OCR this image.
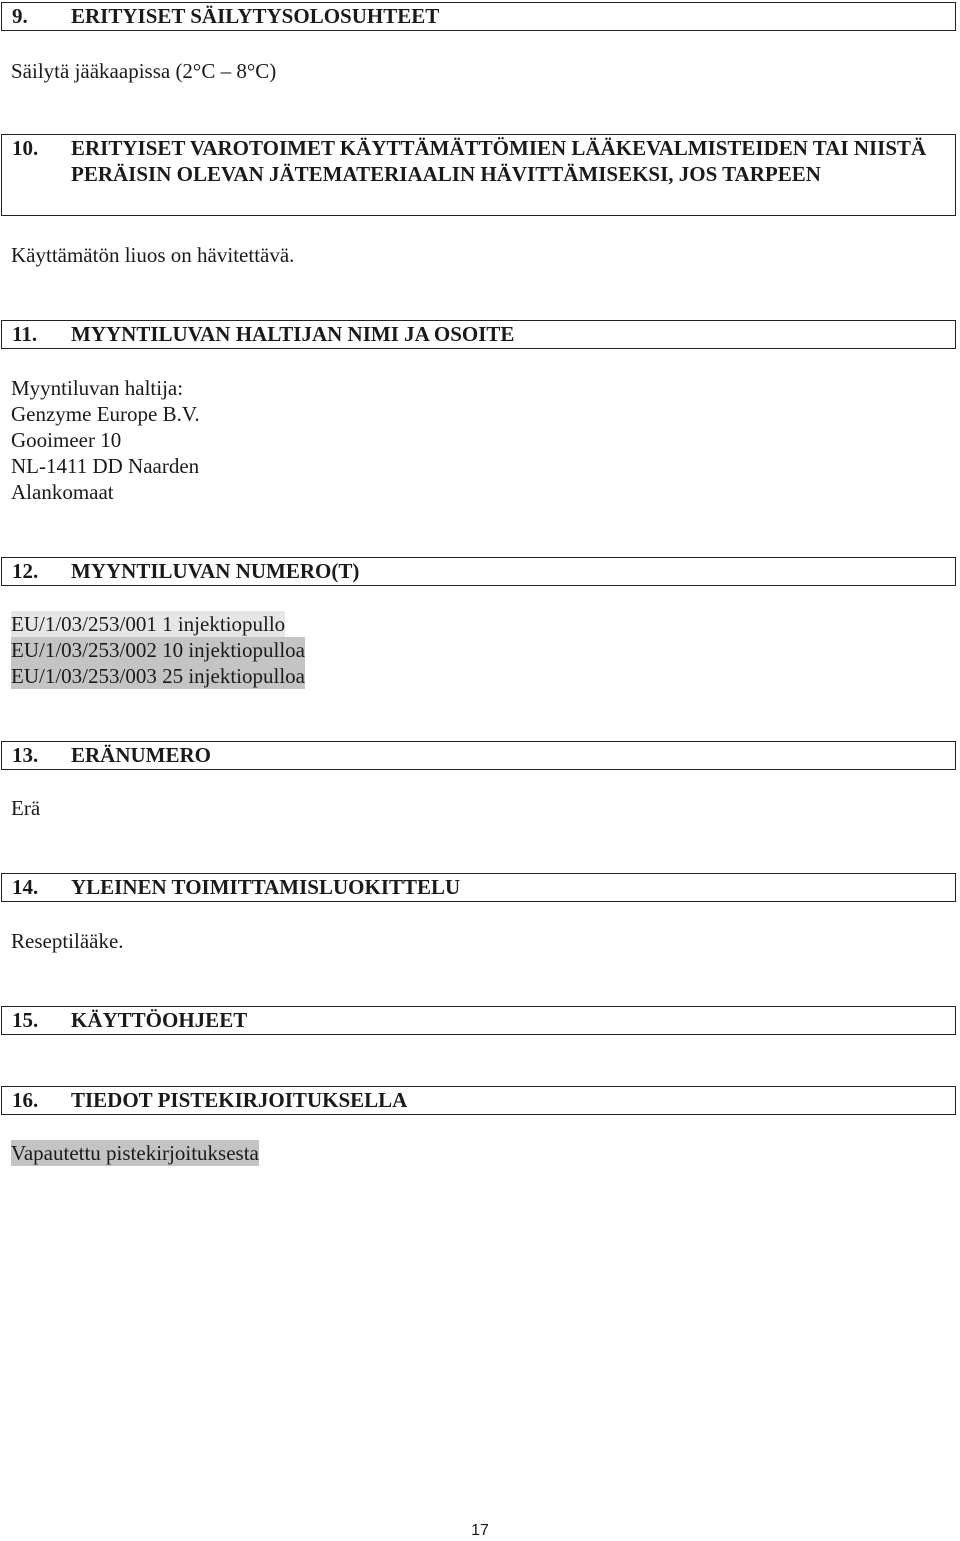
9. ERITYISET SÄILYTYSOLOSUHTEET
Säilytä jääkaapissa (2°C – 8°C)
10. ERITYISET VAROTOIMET KÄYTTÄMÄTTÖMIEN LÄÄKEVALMISTEIDEN TAI NIISTÄ PERÄISIN OLEVAN JÄTEMATERIAALIN HÄVITTÄMISEKSI, JOS TARPEEN
Käyttämätön liuos on hävitettävä.
11. MYYNTILUVAN HALTIJAN NIMI JA OSOITE
Myyntiluvan haltija:
Genzyme Europe B.V.
Gooimeer 10
NL-1411 DD Naarden
Alankomaat
12. MYYNTILUVAN NUMERO(T)
EU/1/03/253/001 1 injektiopullo
EU/1/03/253/002 10 injektiopulloa
EU/1/03/253/003 25 injektiopulloa
13. ERÄNUMERO
Erä
14. YLEINEN TOIMITTAMISLUOKITTELU
Reseptilääke.
15. KÄYTTÖOHJEET
16. TIEDOT PISTEKIRJOITUKSELLA
Vapautettu pistekirjoituksesta
17
